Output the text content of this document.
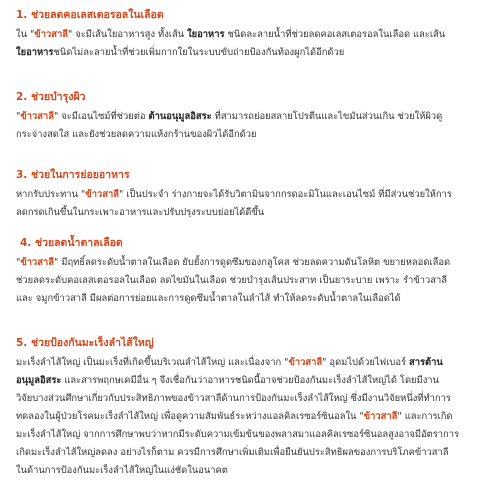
1. ช่วยลดคอเลสเตอรอลในเลือด
ใน "ข้าวสาลี" จะมีเส้นใยอาหารสูง ทั้งเส้น ใยอาหาร ชนิดละลายน้ำที่ช่วยลดคอเลสเตอรอลในเลือด และเส้น
ใยอาหารชนิดไม่ละลายน้ำที่ช่วยเพิ่มกากใยในระบบขับถ่ายป้องกันท้องผูกได้อีกด้วย
2. ช่วยบำรุงผิว
"ข้าวสาลี" จะมีเอนไซม์ที่ช่วยต่อ ต้านอนุมูลอิสระ ที่สามารถย่อยสลายโปรตีนและไขมันส่วนเกิน ช่วยให้ผิวดู
กระจ่างสดใส และยังช่วยลดความแห้งกร้านของผิวได้อีกด้วย
3. ช่วยในการย่อยอาหาร
หากรับประทาน "ข้าวสาลี" เป็นประจำ ร่างกายจะได้รับวิตามินจากกรดอะมิโนและเอนไซม์ ที่มีส่วนช่วยให้การ
ลดกรดเกินขึ้นในกระเพาะอาหารและปรับปรุงระบบย่อยได้ดีขึ้น
4. ช่วยลดน้ำตาลเลือด
"ข้าวสาลี" มีฤทธิ์ลดระดับน้ำตาลในเลือด ยับยั้งการดูดซึมของกลูโคส ช่วยลดความดันโลหิต ขยายหลอดเลือด
ช่วยลดระดับคอเลสเตอรอลในเลือด ลดไขมันในเลือด ช่วยบำรุงเส้นประสาท เป็นยาระบาย เพราะ รำข้าวสาลี
และ จมูกข้าวสาลี มีผลต่อการย่อยและการดูดซึมน้ำตาลในลำไส้ ทำให้ลดระดับน้ำตาลในเลือดได้
5. ช่วยป้องกันมะเร็งลำไส้ใหญ่
มะเร็งลำไส้ใหญ่ เป็นมะเร็งที่เกิดขึ้นบริเวณลำไส้ใหญ่ และเนื่องจาก "ข้าวสาลี" อุดมไปด้วยไฟเบอร์ สารต้าน
อนุมูลอิสระ และสารพฤกษเคมีอื่น ๆ จึงเชื่อกันว่าอาหารชนิดนี้อาจช่วยป้องกันมะเร็งลำไส้ใหญ่ได้ โดยมีงาน
วิจัยบางส่วนศึกษาเกี่ยวกับประสิทธิภาพของข้าวสาลีด้านการป้องกันมะเร็งลำไส้ใหญ่ ซึ่งมีงานวิจัยหนึ่งที่ทำการ
ทดลองในผู้ป่วยโรคมะเร็งลำไส้ใหญ่ เพื่อดูความสัมพันธ์ระหว่างแอลคิลเรซอร์ซินอลใน "ข้าวสาลี" และการเกิด
มะเร็งลำไส้ใหญ่ จากการศึกษาพบว่าหากมีระดับความเข้มข้นของพลาสมาแอลคิลเรซอร์ซินอลสูงอาจมีอัตราการ
เกิดมะเร็งลำไส้ใหญ่ลดลง อย่างไรก็ตาม ควรมีการศึกษาเพิ่มเติมเพื่อยืนยันประสิทธิผลของการบริโภคข้าวสาลี
ในด้านการป้องกันมะเร็งลำไส้ใหญ่ในแง่ชัดในอนาคต
